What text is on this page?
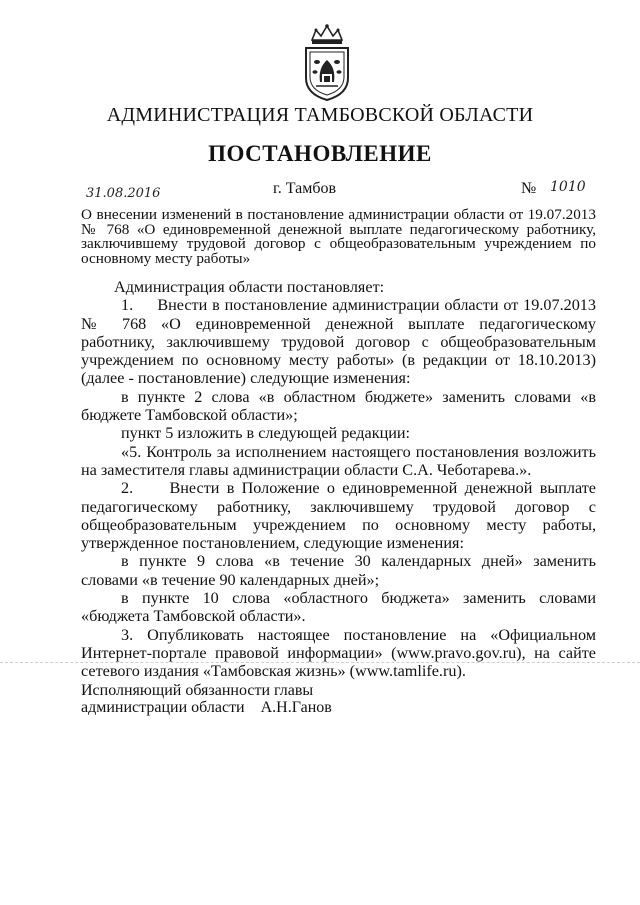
АДМИНИСТРАЦИЯ ТАМБОВСКОЙ ОБЛАСТИ
ПОСТАНОВЛЕНИЕ
31.08.2016	г. Тамбов	№ 1010
О внесении изменений в постановление администрации области от 19.07.2013 № 768 «О единовременной денежной выплате педагогическому работнику, заключившему трудовой договор с общеобразовательным учреждением по основному месту работы»

Администрация области постановляет:

1.     Внести в постановление администрации области от 19.07.2013 № 768 «О единовременной денежной выплате педагогическому работнику, заключившему трудовой договор с общеобразовательным учреждением по основному месту работы» (в редакции от 18.10.2013) (далее - постановление) следующие изменения:

в пункте 2 слова «в областном бюджете» заменить словами «в бюджете Тамбовской области»;

пункт 5 изложить в следующей редакции:

«5. Контроль за исполнением настоящего постановления возложить на заместителя главы администрации области С.А. Чеботарева.».

2.     Внести в Положение о единовременной денежной выплате педагогическому работнику, заключившему трудовой договор с общеобразовательным учреждением по основному месту работы, утвержденное постановлением, следующие изменения:

в пункте 9 слова «в течение 30 календарных дней» заменить словами «в течение 90 календарных дней»;

в пункте 10 слова «областного бюджета» заменить словами «бюджета Тамбовской области».

3. Опубликовать настоящее постановление на «Официальном Интернет-портале правовой информации» (www.pravo.gov.ru), на сайте сетевого издания «Тамбовская жизнь» (www.tamlife.ru).

Исполняющий обязанности главы
администрации области А.Н.Ганов
